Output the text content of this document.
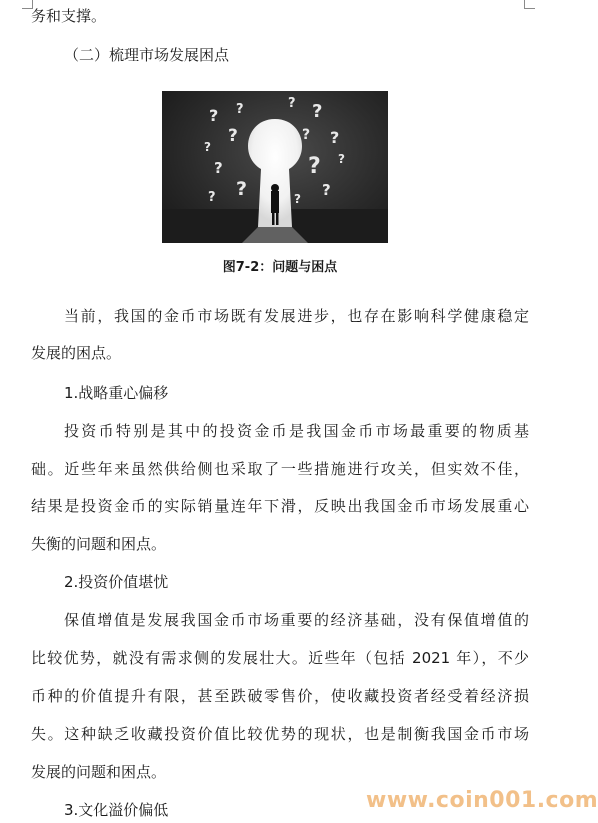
务和支撑。

（二）梳理市场发展困点

? ?
?
?
?
?
?
? ?
? ?
? ?
?
?
图7-2：问题与困点

当前，我国的金币市场既有发展进步，也存在影响科学健康稳定

发展的困点。

1.战略重心偏移

投资币特别是其中的投资金币是我国金币市场最重要的物质基

础。近些年来虽然供给侧也采取了一些措施进行攻关，但实效不佳，

结果是投资金币的实际销量连年下滑，反映出我国金币市场发展重心

失衡的问题和困点。

2.投资价值堪忧

保值增值是发展我国金币市场重要的经济基础，没有保值增值的

比较优势，就没有需求侧的发展壮大。近些年（包括 2021 年），不少

币种的价值提升有限，甚至跌破零售价，使收藏投资者经受着经济损

失。这种缺乏收藏投资价值比较优势的现状，也是制衡我国金币市场

发展的问题和困点。

3.文化溢价偏低	www.coin001.com
